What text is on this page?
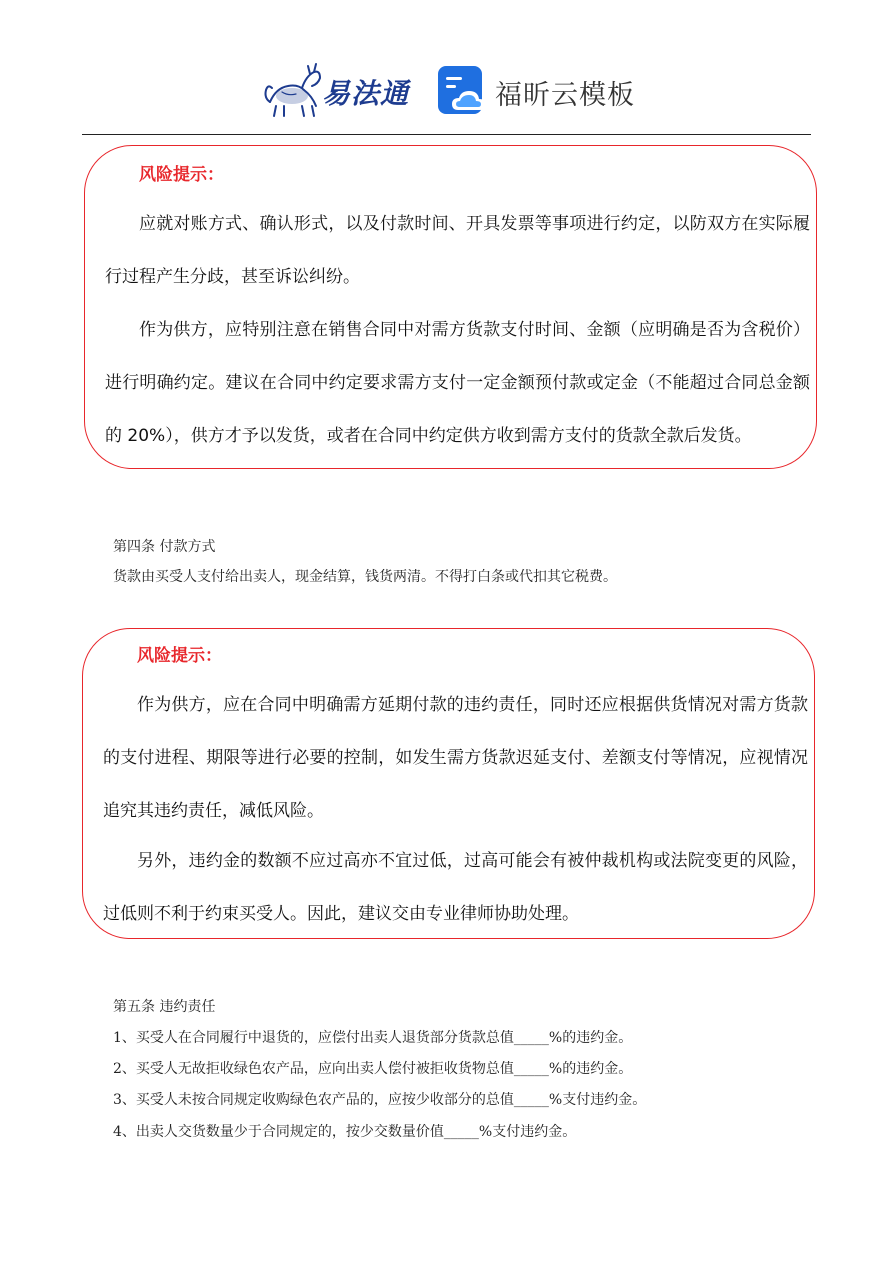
易法通	福昕云模板
风险提示：
应就对账方式、确认形式，以及付款时间、开具发票等事项进行约定，以防双方在实际履行过程产生分歧，甚至诉讼纠纷。
作为供方，应特别注意在销售合同中对需方货款支付时间、金额（应明确是否为含税价）进行明确约定。建议在合同中约定要求需方支付一定金额预付款或定金（不能超过合同总金额的 20%），供方才予以发货，或者在合同中约定供方收到需方支付的货款全款后发货。
第四条 付款方式
货款由买受人支付给出卖人，现金结算，钱货两清。不得打白条或代扣其它税费。
风险提示：
作为供方，应在合同中明确需方延期付款的违约责任，同时还应根据供货情况对需方货款的支付进程、期限等进行必要的控制，如发生需方货款迟延支付、差额支付等情况，应视情况追究其违约责任，减低风险。
另外，违约金的数额不应过高亦不宜过低，过高可能会有被仲裁机构或法院变更的风险，过低则不利于约束买受人。因此，建议交由专业律师协助处理。
第五条 违约责任
1、买受人在合同履行中退货的，应偿付出卖人退货部分货款总值_____%的违约金。
2、买受人无故拒收绿色农产品，应向出卖人偿付被拒收货物总值_____%的违约金。
3、买受人未按合同规定收购绿色农产品的，应按少收部分的总值_____%支付违约金。
4、出卖人交货数量少于合同规定的，按少交数量价值_____%支付违约金。
